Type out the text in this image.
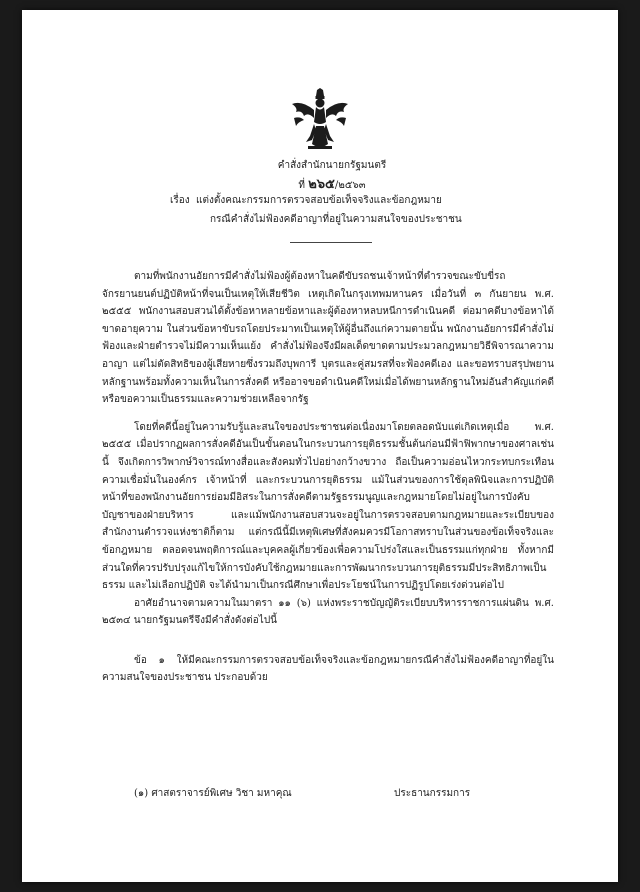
คำสั่งสำนักนายกรัฐมนตรี
ที่ ๒๖๕/๒๕๖๓
เรื่อง แต่งตั้งคณะกรรมการตรวจสอบข้อเท็จจริงและข้อกฎหมาย
กรณีคำสั่งไม่ฟ้องคดีอาญาที่อยู่ในความสนใจของประชาชน

ตามที่พนักงานอัยการมีคำสั่งไม่ฟ้องผู้ต้องหาในคดีขับรถชนเจ้าหน้าที่ตำรวจขณะขับขี่รถจักรยานยนต์ปฏิบัติหน้าที่จนเป็นเหตุให้เสียชีวิต เหตุเกิดในกรุงเทพมหานคร เมื่อวันที่ ๓ กันยายน พ.ศ. ๒๕๕๕ พนักงานสอบสวนได้ตั้งข้อหาหลายข้อหาและผู้ต้องหาหลบหนีการดำเนินคดี ต่อมาคดีบางข้อหาได้ขาดอายุความ ในส่วนข้อหาขับรถโดยประมาทเป็นเหตุให้ผู้อื่นถึงแก่ความตายนั้น พนักงานอัยการมีคำสั่งไม่ฟ้องและฝ่ายตำรวจไม่มีความเห็นแย้ง คำสั่งไม่ฟ้องจึงมีผลเด็ดขาดตามประมวลกฎหมายวิธีพิจารณาความอาญา แต่ไม่ตัดสิทธิของผู้เสียหายซึ่งรวมถึงบุพการี บุตรและคู่สมรสที่จะฟ้องคดีเอง และขอทราบสรุปพยานหลักฐานพร้อมทั้งความเห็นในการสั่งคดี หรืออาจขอดำเนินคดีใหม่เมื่อได้พยานหลักฐานใหม่อันสำคัญแก่คดี หรือขอความเป็นธรรมและความช่วยเหลือจากรัฐ

โดยที่คดีนี้อยู่ในความรับรู้และสนใจของประชาชนต่อเนื่องมาโดยตลอดนับแต่เกิดเหตุเมื่อ พ.ศ. ๒๕๕๕ เมื่อปรากฏผลการสั่งคดีอันเป็นขั้นตอนในกระบวนการยุติธรรมชั้นต้นก่อนมีฟ้าฟิพากษาของศาลเช่นนี้ จึงเกิดการวิพากษ์วิจารณ์ทางสื่อและสังคมทั่วไปอย่างกว้างขวาง ถือเป็นความอ่อนไหวกระทบกระเทือนความเชื่อมั่นในองค์กร เจ้าหน้าที่ และกระบวนการยุติธรรม แม้ในส่วนของการใช้ดุลพินิจและการปฏิบัติหน้าที่ของพนักงานอัยการย่อมมีอิสระในการสั่งคดีตามรัฐธรรมนูญและกฎหมายโดยไม่อยู่ในการบังคับบัญชาของฝ่ายบริหาร และแม้พนักงานสอบสวนจะอยู่ในการตรวจสอบตามกฎหมายและระเบียบของสำนักงานตำรวจแห่งชาติก็ตาม แต่กรณีนี้มีเหตุพิเศษที่สังคมควรมีโอกาสทราบในส่วนของข้อเท็จจริงและข้อกฎหมาย ตลอดจนพฤติการณ์และบุคคลผู้เกี่ยวข้องเพื่อความโปร่งใสและเป็นธรรมแก่ทุกฝ่าย ทั้งหากมีส่วนใดที่ควรปรับปรุงแก้ไขให้การบังคับใช้กฎหมายและการพัฒนากระบวนการยุติธรรมมีประสิทธิภาพเป็นธรรม และไม่เลือกปฏิบัติ จะได้นำมาเป็นกรณีศึกษาเพื่อประโยชน์ในการปฏิรูปโดยเร่งด่วนต่อไป

อาศัยอำนาจตามความในมาตรา ๑๑ (๖) แห่งพระราชบัญญัติระเบียบบริหารราชการแผ่นดิน พ.ศ. ๒๕๓๔ นายกรัฐมนตรีจึงมีคำสั่งดังต่อไปนี้

ข้อ ๑ ให้มีคณะกรรมการตรวจสอบข้อเท็จจริงและข้อกฎหมายกรณีคำสั่งไม่ฟ้องคดีอาญาที่อยู่ในความสนใจของประชาชน ประกอบด้วย

(๑) ศาสตราจารย์พิเศษ วิชา มหาคุณ	ประธานกรรมการ
